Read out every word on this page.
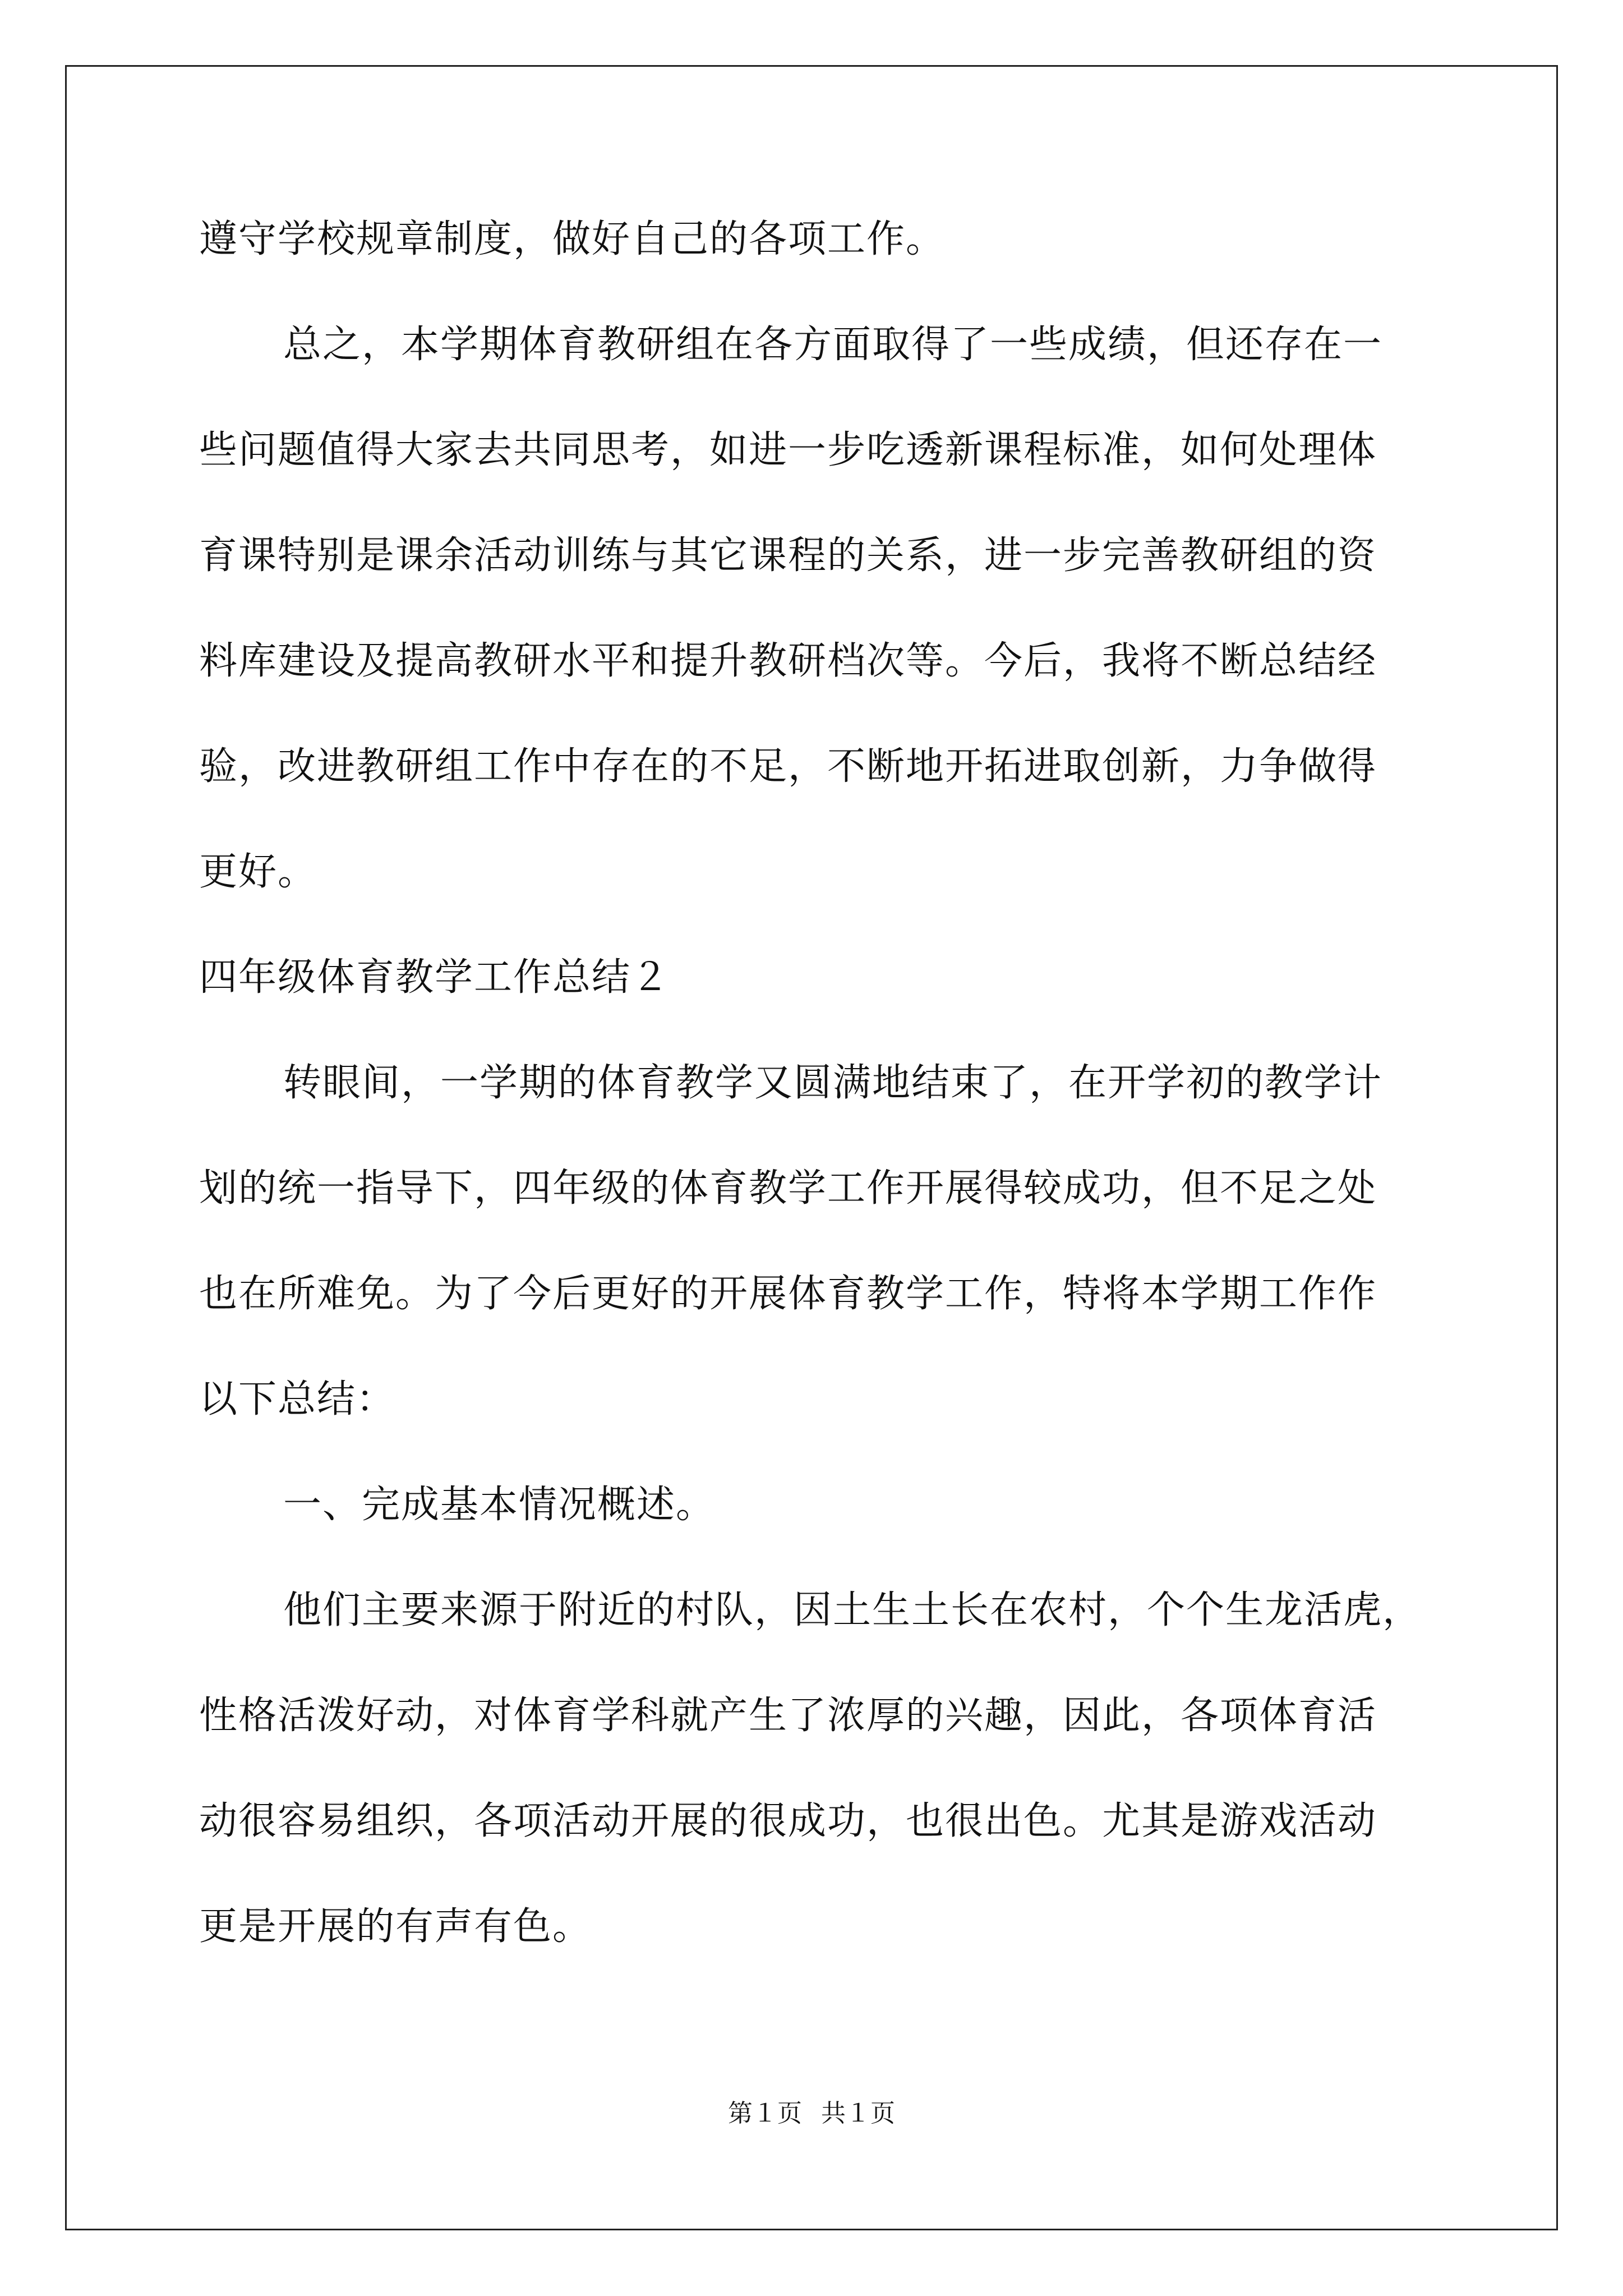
遵守学校规章制度，做好自己的各项工作。
总之，本学期体育教研组在各方面取得了一些成绩，但还存在一
些问题值得大家去共同思考，如进一步吃透新课程标准，如何处理体
育课特别是课余活动训练与其它课程的关系，进一步完善教研组的资
料库建设及提高教研水平和提升教研档次等。今后，我将不断总结经
验，改进教研组工作中存在的不足，不断地开拓进取创新，力争做得
更好。
四年级体育教学工作总结２
转眼间，一学期的体育教学又圆满地结束了，在开学初的教学计
划的统一指导下，四年级的体育教学工作开展得较成功，但不足之处
也在所难免。为了今后更好的开展体育教学工作，特将本学期工作作
以下总结：
一、完成基本情况概述。
他们主要来源于附近的村队，因土生土长在农村，个个生龙活虎，
性格活泼好动，对体育学科就产生了浓厚的兴趣，因此，各项体育活
动很容易组织，各项活动开展的很成功，也很出色。尤其是游戏活动
更是开展的有声有色。
第１页 共１页
